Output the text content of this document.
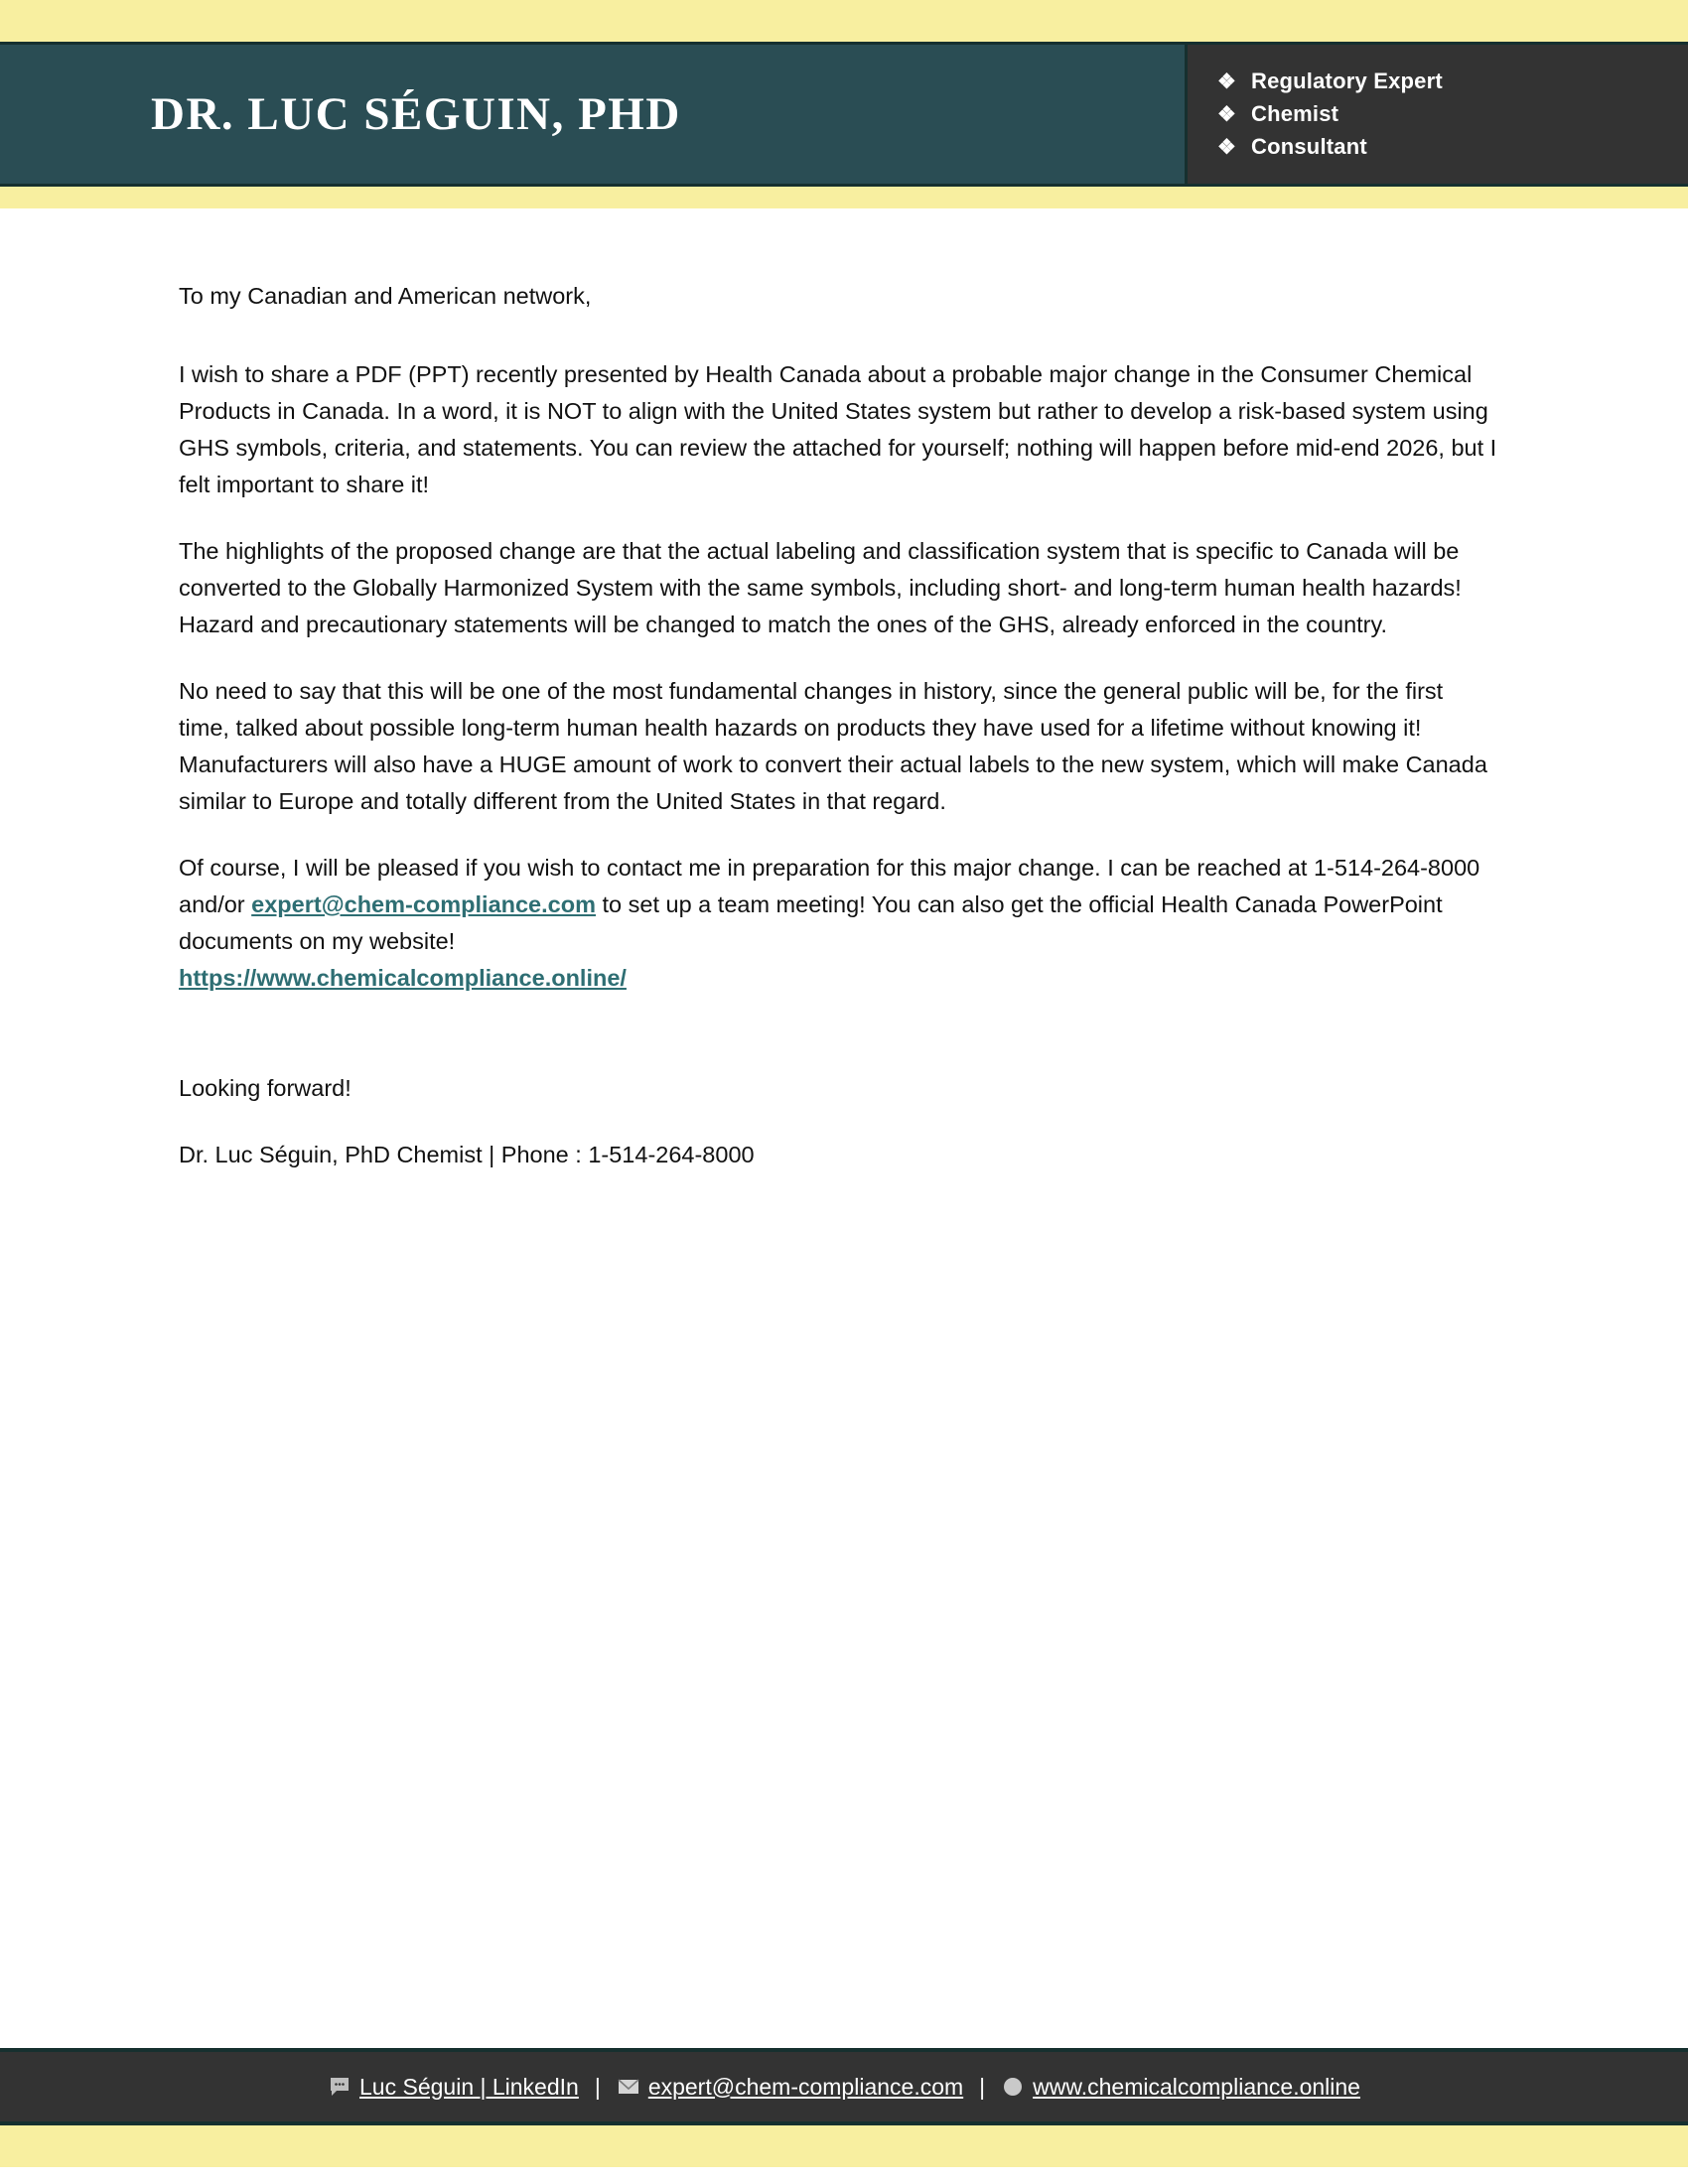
DR. LUC SÉGUIN, PHD
❖ Regulatory Expert
❖ Chemist
❖ Consultant

To my Canadian and American network,

I wish to share a PDF (PPT) recently presented by Health Canada about a probable major change in the Consumer Chemical Products in Canada. In a word, it is NOT to align with the United States system but rather to develop a risk-based system using GHS symbols, criteria, and statements. You can review the attached for yourself; nothing will happen before mid-end 2026, but I felt important to share it!

The highlights of the proposed change are that the actual labeling and classification system that is specific to Canada will be converted to the Globally Harmonized System with the same symbols, including short- and long-term human health hazards! Hazard and precautionary statements will be changed to match the ones of the GHS, already enforced in the country.

No need to say that this will be one of the most fundamental changes in history, since the general public will be, for the first time, talked about possible long-term human health hazards on products they have used for a lifetime without knowing it! Manufacturers will also have a HUGE amount of work to convert their actual labels to the new system, which will make Canada similar to Europe and totally different from the United States in that regard.

Of course, I will be pleased if you wish to contact me in preparation for this major change. I can be reached at 1-514-264-8000 and/or expert@chem-compliance.com to set up a team meeting! You can also get the official Health Canada PowerPoint documents on my website!
https://www.chemicalcompliance.online/

Looking forward!

Dr. Luc Séguin, PhD Chemist | Phone : 1-514-264-8000

Luc Séguin | LinkedIn |	expert@chem-compliance.com |	www.chemicalcompliance.online
